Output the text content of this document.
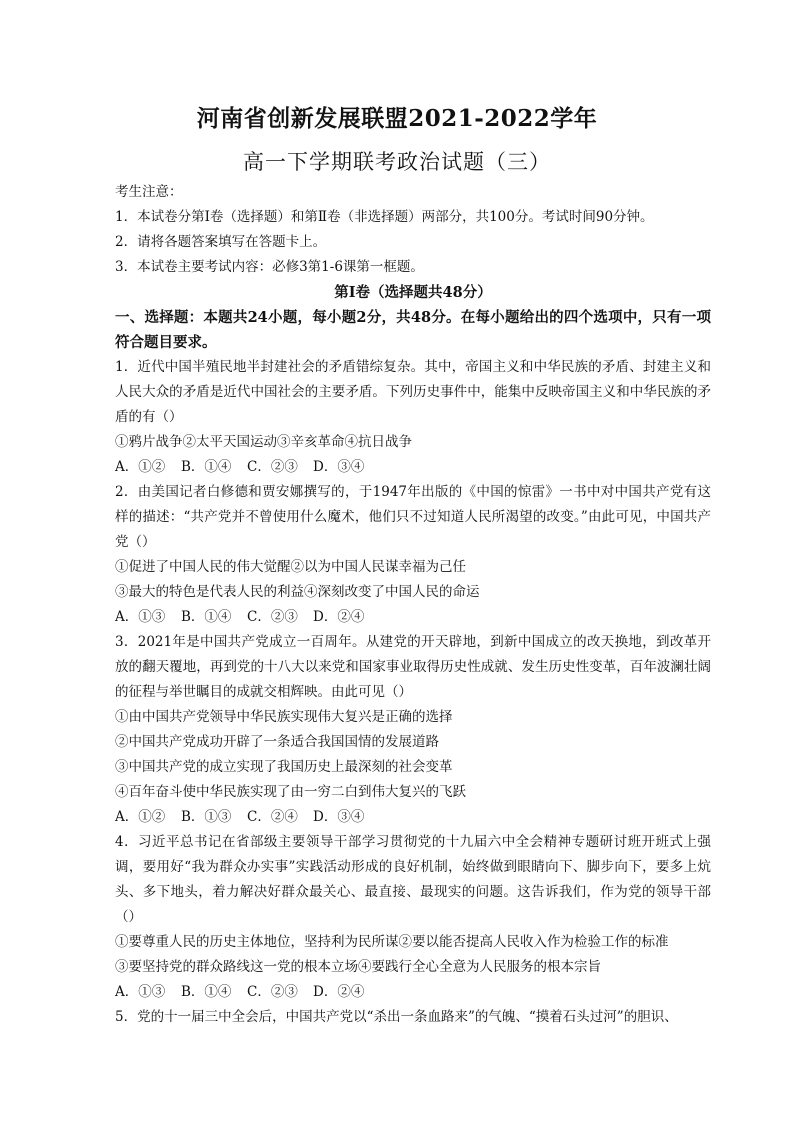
河南省创新发展联盟2021-2022学年
高一下学期联考政治试题（三）
考生注意：
1．本试卷分第Ⅰ卷（选择题）和第Ⅱ卷（非选择题）两部分，共100分。考试时间90分钟。
2．请将各题答案填写在答题卡上。
3．本试卷主要考试内容：必修3第1-6课第一框题。
第Ⅰ卷（选择题共48分）
一、选择题：本题共24小题，每小题2分，共48分。在每小题给出的四个选项中，只有一项符合题目要求。
1．近代中国半殖民地半封建社会的矛盾错综复杂。其中，帝国主义和中华民族的矛盾、封建主义和人民大众的矛盾是近代中国社会的主要矛盾。下列历史事件中，能集中反映帝国主义和中华民族的矛盾的有（）
①鸦片战争②太平天国运动③辛亥革命④抗日战争
A．①②	B．①④	C．②③	D．③④
2．由美国记者白修德和贾安娜撰写的，于1947年出版的《中国的惊雷》一书中对中国共产党有这样的描述：“共产党并不曾使用什么魔术，他们只不过知道人民所渴望的改变。”由此可见，中国共产党（）
①促进了中国人民的伟大觉醒②以为中国人民谋幸福为己任
③最大的特色是代表人民的利益④深刻改变了中国人民的命运
A．①③	B．①④	C．②③	D．②④
3．2021年是中国共产党成立一百周年。从建党的开天辟地，到新中国成立的改天换地，到改革开放的翻天覆地，再到党的十八大以来党和国家事业取得历史性成就、发生历史性变革，百年波澜壮阔的征程与举世瞩目的成就交相辉映。由此可见（）
①由中国共产党领导中华民族实现伟大复兴是正确的选择
②中国共产党成功开辟了一条适合我国国情的发展道路
③中国共产党的成立实现了我国历史上最深刻的社会变革
④百年奋斗使中华民族实现了由一穷二白到伟大复兴的飞跃
A．①②	B．①③	C．②④	D．③④
4．习近平总书记在省部级主要领导干部学习贯彻党的十九届六中全会精神专题研讨班开班式上强调，要用好“我为群众办实事”实践活动形成的良好机制，始终做到眼睛向下、脚步向下，要多上炕头、多下地头，着力解决好群众最关心、最直接、最现实的问题。这告诉我们，作为党的领导干部（）
①要尊重人民的历史主体地位，坚持利为民所谋②要以能否提高人民收入作为检验工作的标准
③要坚持党的群众路线这一党的根本立场④要践行全心全意为人民服务的根本宗旨
A．①③	B．①④	C．②③	D．②④
5．党的十一届三中全会后，中国共产党以“杀出一条血路来”的气魄、“摸着石头过河”的胆识、
